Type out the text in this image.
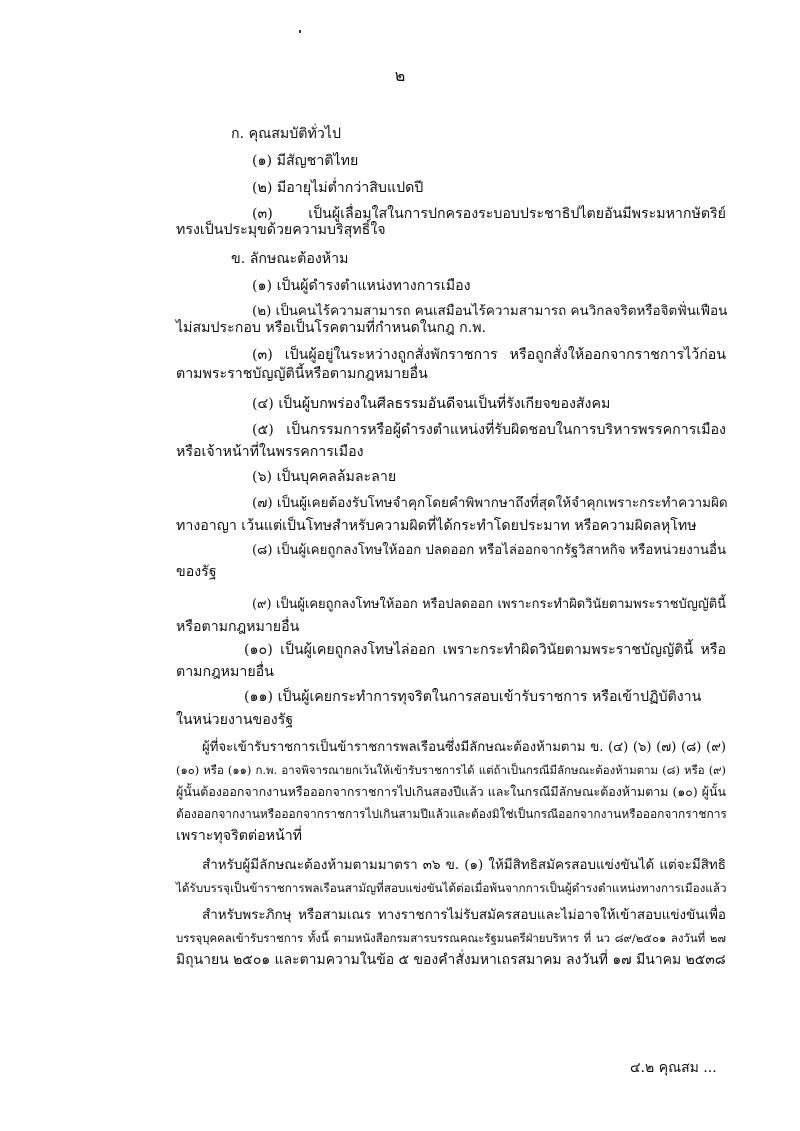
๒
ก. คุณสมบัติทั่วไป
(๑) มีสัญชาติไทย
(๒) มีอายุไม่ต่ำกว่าสิบแปดปี
(๓) เป็นผู้เลื่อมใสในการปกครองระบอบประชาธิปไตยอันมีพระมหากษัตริย์
ทรงเป็นประมุขด้วยความบริสุทธิ์ใจ
ข. ลักษณะต้องห้าม
(๑) เป็นผู้ดำรงตำแหน่งทางการเมือง
(๒) เป็นคนไร้ความสามารถ คนเสมือนไร้ความสามารถ คนวิกลจริตหรือจิตฟั่นเฟือน
ไม่สมประกอบ หรือเป็นโรคตามที่กำหนดในกฎ ก.พ.
(๓) เป็นผู้อยู่ในระหว่างถูกสั่งพักราชการ หรือถูกสั่งให้ออกจากราชการไว้ก่อน
ตามพระราชบัญญัตินี้หรือตามกฎหมายอื่น
(๔) เป็นผู้บกพร่องในศีลธรรมอันดีจนเป็นที่รังเกียจของสังคม
(๕) เป็นกรรมการหรือผู้ดำรงตำแหน่งที่รับผิดชอบในการบริหารพรรคการเมือง
หรือเจ้าหน้าที่ในพรรคการเมือง
(๖) เป็นบุคคลล้มละลาย
(๗) เป็นผู้เคยต้องรับโทษจำคุกโดยคำพิพากษาถึงที่สุดให้จำคุกเพราะกระทำความผิด
ทางอาญา เว้นแต่เป็นโทษสำหรับความผิดที่ได้กระทำโดยประมาท หรือความผิดลหุโทษ
(๘) เป็นผู้เคยถูกลงโทษให้ออก ปลดออก หรือไล่ออกจากรัฐวิสาหกิจ หรือหน่วยงานอื่น
ของรัฐ
(๙) เป็นผู้เคยถูกลงโทษให้ออก หรือปลดออก เพราะกระทำผิดวินัยตามพระราชบัญญัตินี้
หรือตามกฎหมายอื่น
(๑๐) เป็นผู้เคยถูกลงโทษไล่ออก เพราะกระทำผิดวินัยตามพระราชบัญญัตินี้ หรือ
ตามกฎหมายอื่น
(๑๑) เป็นผู้เคยกระทำการทุจริตในการสอบเข้ารับราชการ หรือเข้าปฏิบัติงาน
ในหน่วยงานของรัฐ
ผู้ที่จะเข้ารับราชการเป็นข้าราชการพลเรือนซึ่งมีลักษณะต้องห้ามตาม ข. (๔) (๖) (๗) (๘) (๙)
(๑๐) หรือ (๑๑) ก.พ. อาจพิจารณายกเว้นให้เข้ารับราชการได้ แต่ถ้าเป็นกรณีมีลักษณะต้องห้ามตาม (๘) หรือ (๙)
ผู้นั้นต้องออกจากงานหรือออกจากราชการไปเกินสองปีแล้ว และในกรณีมีลักษณะต้องห้ามตาม (๑๐) ผู้นั้น
ต้องออกจากงานหรือออกจากราชการไปเกินสามปีแล้วและต้องมิใช่เป็นกรณีออกจากงานหรือออกจากราชการ
เพราะทุจริตต่อหน้าที่
สำหรับผู้มีลักษณะต้องห้ามตามมาตรา ๓๖ ข. (๑) ให้มีสิทธิสมัครสอบแข่งขันได้ แต่จะมีสิทธิ
ได้รับบรรจุเป็นข้าราชการพลเรือนสามัญที่สอบแข่งขันได้ต่อเมื่อพ้นจากการเป็นผู้ดำรงตำแหน่งทางการเมืองแล้ว
สำหรับพระภิกษุ หรือสามเณร ทางราชการไม่รับสมัครสอบและไม่อาจให้เข้าสอบแข่งขันเพื่อ
บรรจุบุคคลเข้ารับราชการ ทั้งนี้ ตามหนังสือกรมสารบรรณคณะรัฐมนตรีฝ่ายบริหาร ที่ นว ๘๙/๒๕๐๑ ลงวันที่ ๒๗
มิถุนายน ๒๕๐๑ และตามความในข้อ ๕ ของคำสั่งมหาเถรสมาคม ลงวันที่ ๑๗ มีนาคม ๒๕๓๘
๔.๒ คุณสม ...
